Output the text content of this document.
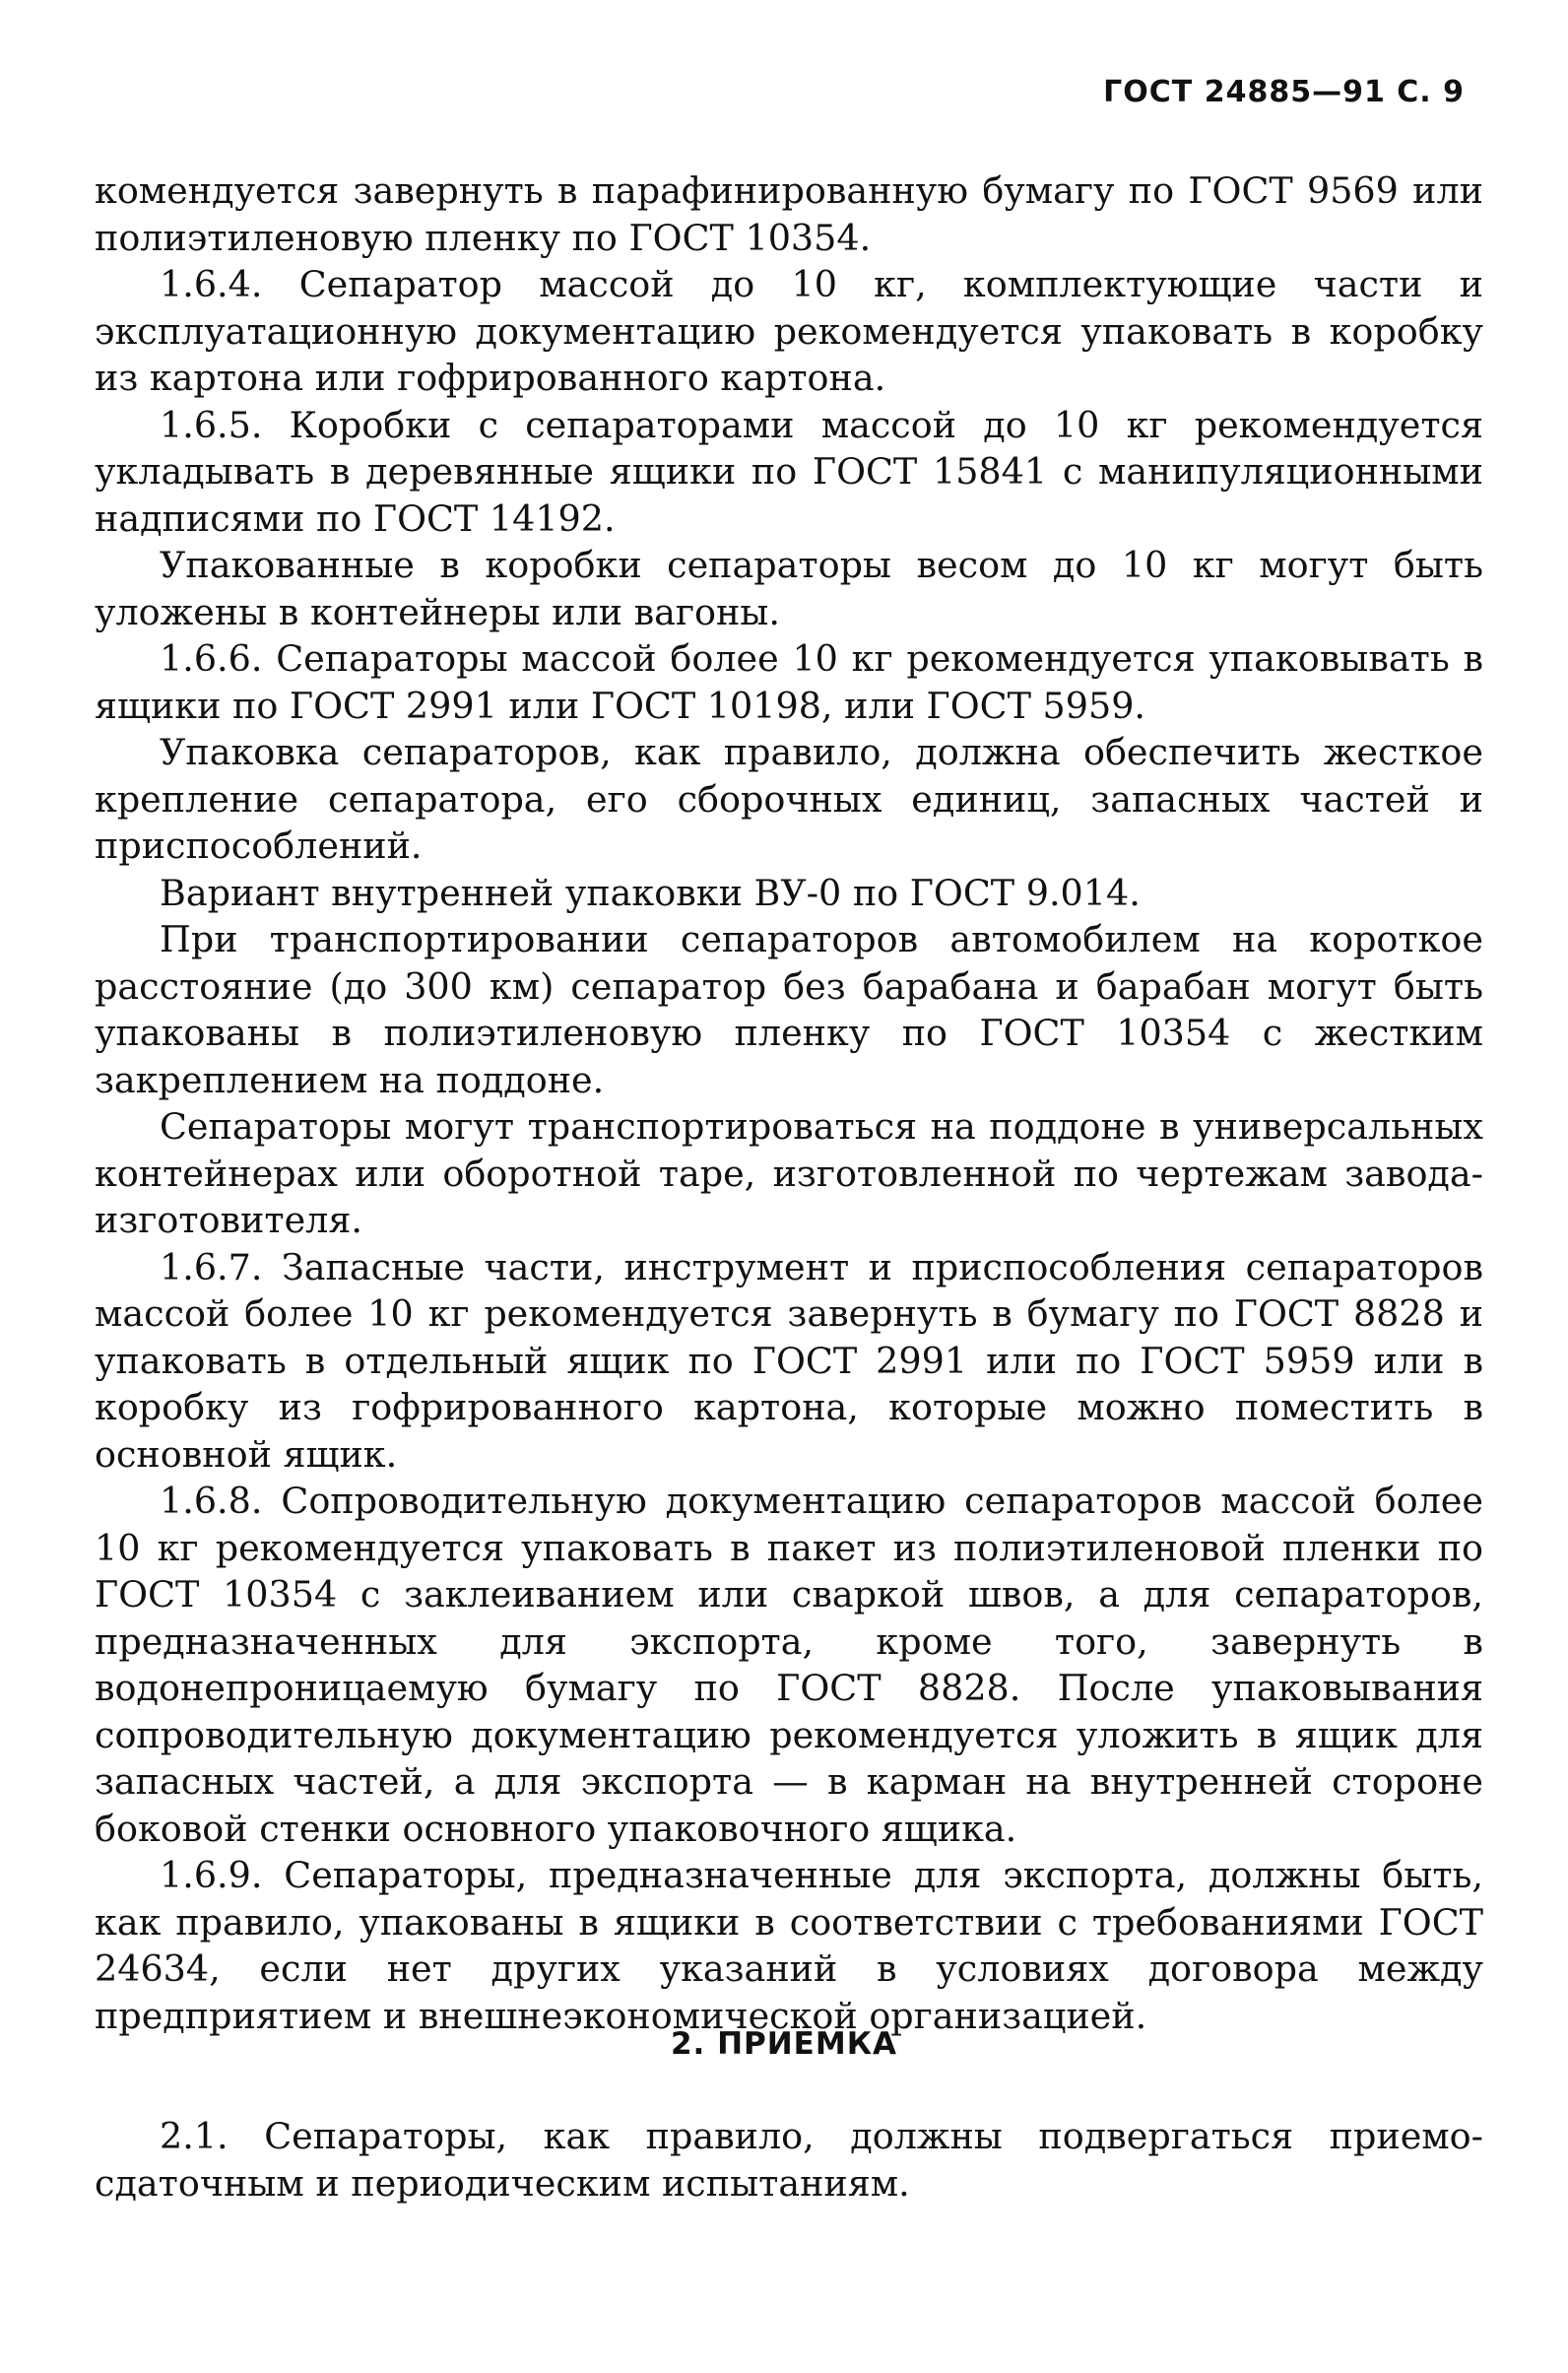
ГОСТ 24885—91 С. 9

комендуется завернуть в парафинированную бумагу по ГОСТ 9569 или полиэтиленовую пленку по ГОСТ 10354.

1.6.4. Сепаратор массой до 10 кг, комплектующие части и эксплуатационную документацию рекомендуется упаковать в коробку из картона или гофрированного картона.

1.6.5. Коробки с сепараторами массой до 10 кг рекомендуется укладывать в деревянные ящики по ГОСТ 15841 с манипуляционными надписями по ГОСТ 14192.

Упакованные в коробки сепараторы весом до 10 кг могут быть уложены в контейнеры или вагоны.

1.6.6. Сепараторы массой более 10 кг рекомендуется упаковывать в ящики по ГОСТ 2991 или ГОСТ 10198, или ГОСТ 5959.

Упаковка сепараторов, как правило, должна обеспечить жесткое крепление сепаратора, его сборочных единиц, запасных частей и приспособлений.

Вариант внутренней упаковки ВУ-0 по ГОСТ 9.014.

При транспортировании сепараторов автомобилем на короткое расстояние (до 300 км) сепаратор без барабана и барабан могут быть упакованы в полиэтиленовую пленку по ГОСТ 10354 с жестким закреплением на поддоне.

Сепараторы могут транспортироваться на поддоне в универсальных контейнерах или оборотной таре, изготовленной по чертежам завода-изготовителя.

1.6.7. Запасные части, инструмент и приспособления сепараторов массой более 10 кг рекомендуется завернуть в бумагу по ГОСТ 8828 и упаковать в отдельный ящик по ГОСТ 2991 или по ГОСТ 5959 или в коробку из гофрированного картона, которые можно поместить в основной ящик.

1.6.8. Сопроводительную документацию сепараторов массой более 10 кг рекомендуется упаковать в пакет из полиэтиленовой пленки по ГОСТ 10354 с заклеиванием или сваркой швов, а для сепараторов, предназначенных для экспорта, кроме того, завернуть в водонепроницаемую бумагу по ГОСТ 8828. После упаковывания сопроводительную документацию рекомендуется уложить в ящик для запасных частей, а для экспорта — в карман на внутренней стороне боковой стенки основного упаковочного ящика.

1.6.9. Сепараторы, предназначенные для экспорта, должны быть, как правило, упакованы в ящики в соответствии с требованиями ГОСТ 24634, если нет других указаний в условиях договора между предприятием и внешнеэкономической организацией.

2. ПРИЕМКА

2.1. Сепараторы, как правило, должны подвергаться приемо-сдаточным и периодическим испытаниям.
